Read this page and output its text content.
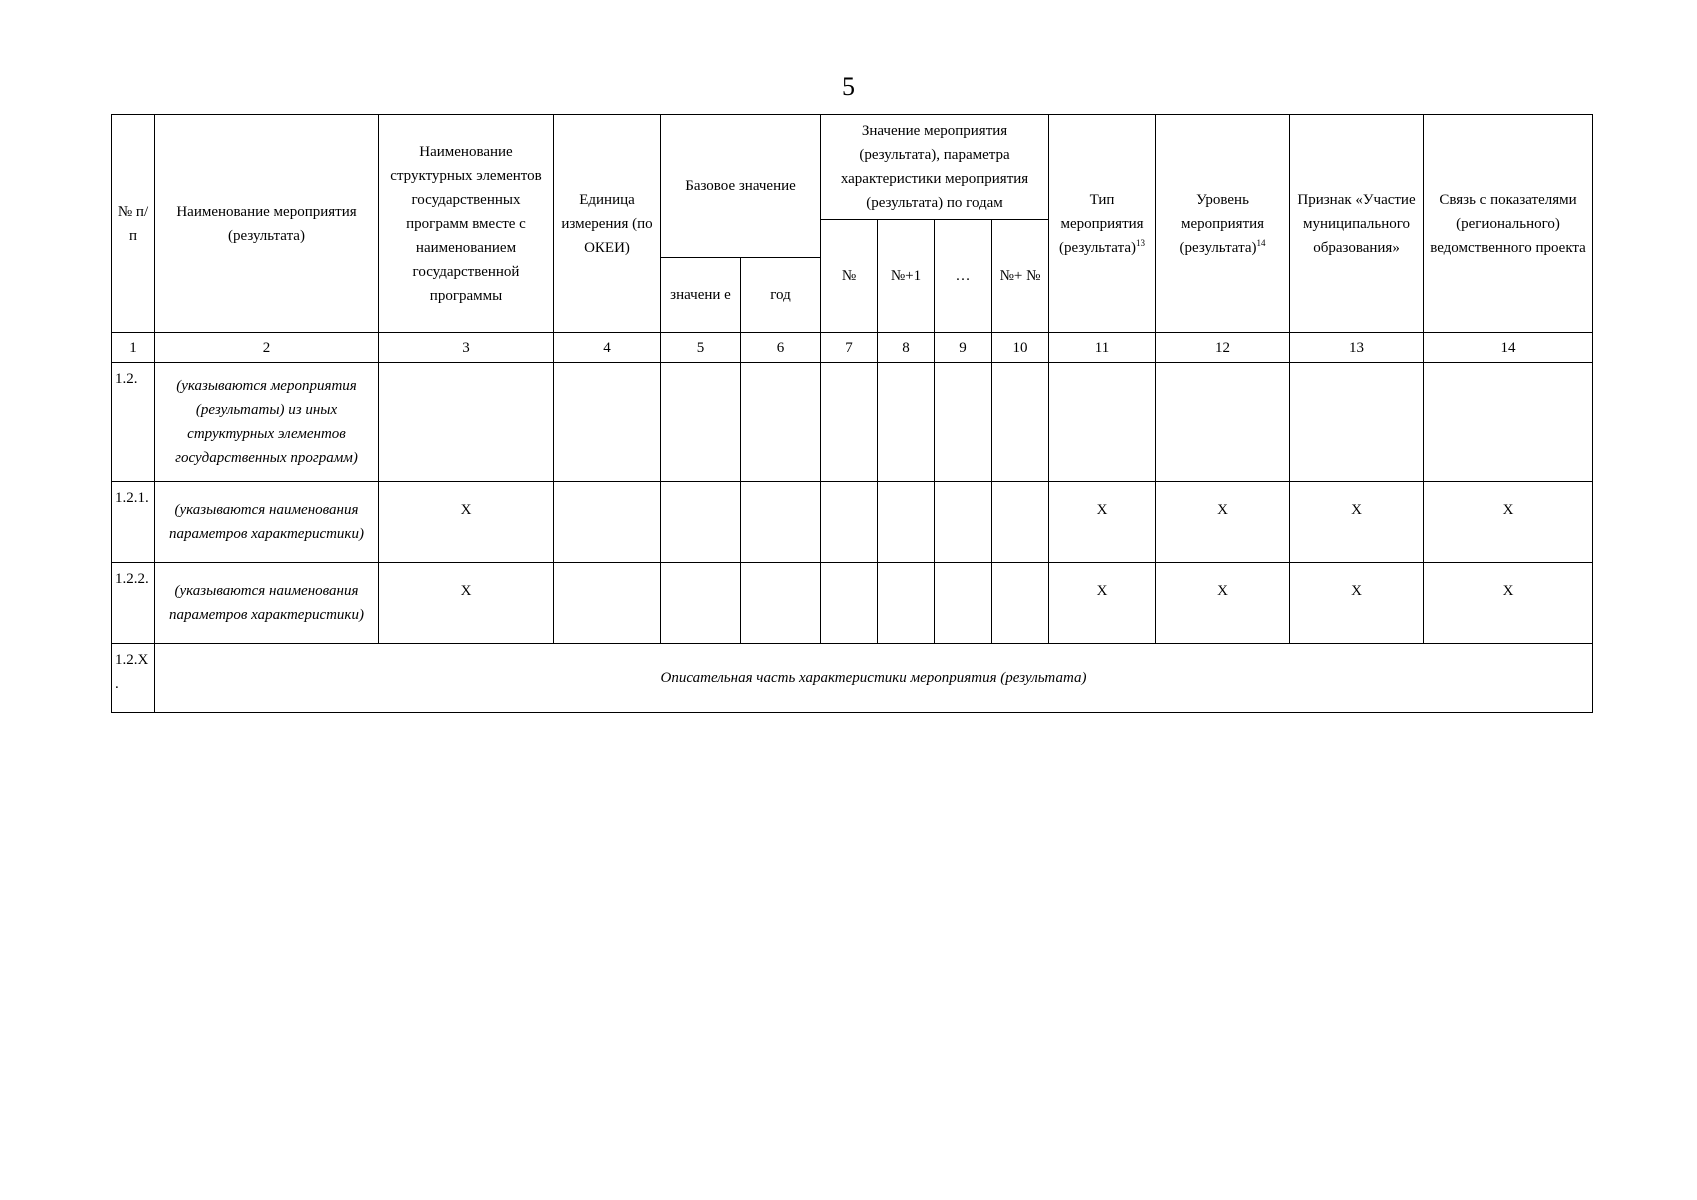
5
№ п/п	Наименование мероприятия (результата)	Наименование структурных элементов государственных программ вместе с наименованием государственной программы	Единица измерения (по ОКЕИ)	Базовое значение		Значение мероприятия (результата), параметра характеристики мероприятия (результата) по годам				Тип мероприятия (результата)$^{13}$	Уровень мероприятия (результата)$^{14}$	Признак «Участие муниципального образования»	Связь с показателями (регионального) ведомственного проекта
						№	№+1	…	№+ №				
				значени е	год								
1	2	3	4	5	6	7	8	9	10	11	12	13	14
1.2.	(указываются мероприятия (результаты) из иных структурных элементов государственных программ)												
1.2.1.	(указываются наименования параметров характеристики)	X								X	X	X	X
1.2.2.	(указываются наименования параметров характеристики)	X								X	X	X	X
1.2.X .	Описательная часть характеристики мероприятия (результата)												
